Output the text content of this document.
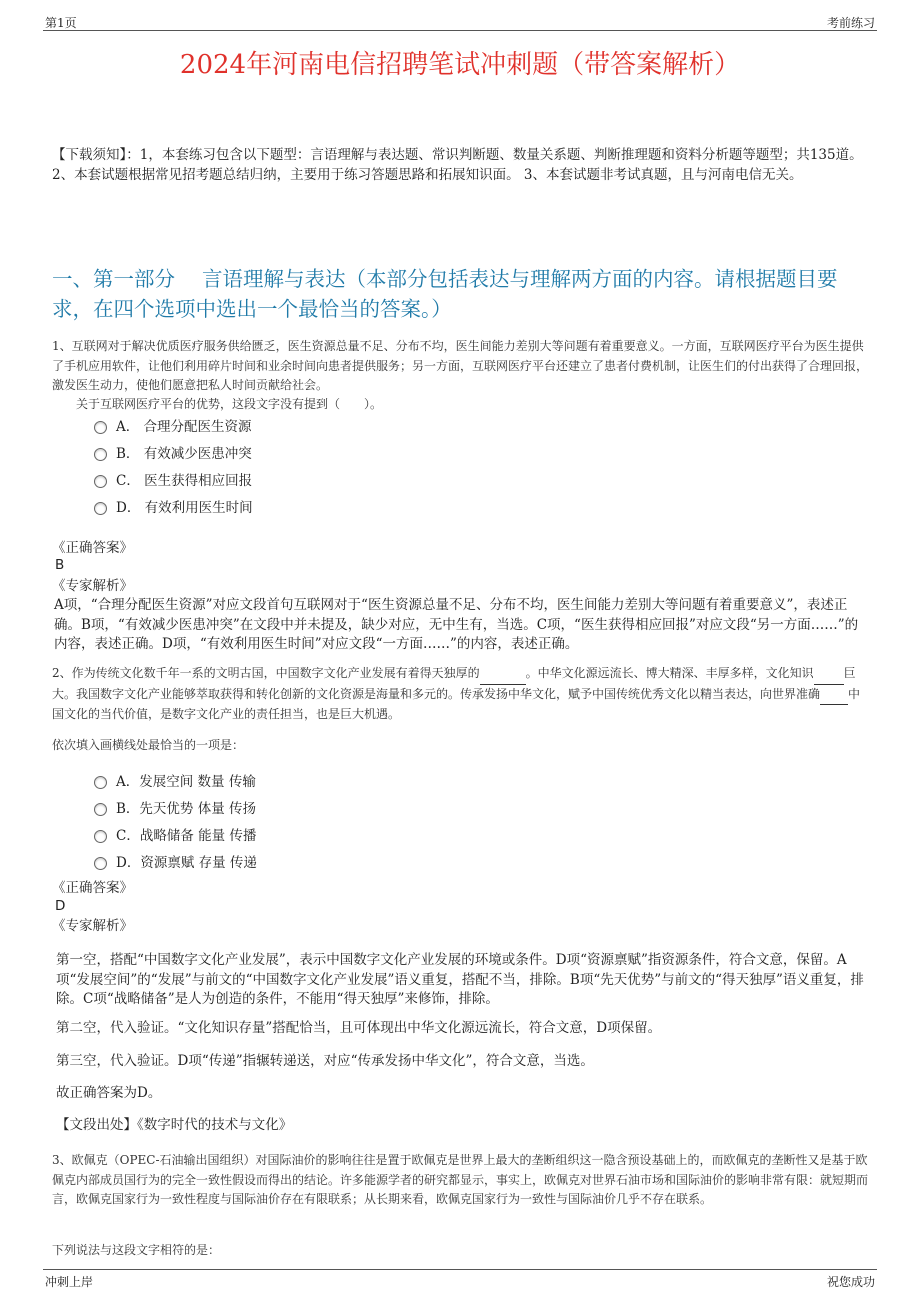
第1页	考前练习
2024年河南电信招聘笔试冲刺题（带答案解析）
【下载须知】：1，本套练习包含以下题型：言语理解与表达题、常识判断题、数量关系题、判断推理题和资料分析题等题型；共135道。 2、本套试题根据常见招考题总结归纳，主要用于练习答题思路和拓展知识面。 3、本套试题非考试真题，且与河南电信无关。
一、第一部分　 言语理解与表达（本部分包括表达与理解两方面的内容。请根据题目要求，在四个选项中选出一个最恰当的答案。）
1、互联网对于解决优质医疗服务供给匮乏，医生资源总量不足、分布不均，医生间能力差别大等问题有着重要意义。一方面，互联网医疗平台为医生提供了手机应用软件，让他们利用碎片时间和业余时间向患者提供服务；另一方面，互联网医疗平台还建立了患者付费机制，让医生们的付出获得了合理回报，激发医生动力，使他们愿意把私人时间贡献给社会。
关于互联网医疗平台的优势，这段文字没有提到（　　）。
A． 合理分配医生资源
B． 有效减少医患冲突
C． 医生获得相应回报
D． 有效利用医生时间
《正确答案》
B
《专家解析》
A项，“合理分配医生资源”对应文段首句互联网对于“医生资源总量不足、分布不均，医生间能力差别大等问题有着重要意义”，表述正确。B项，“有效减少医患冲突”在文段中并未提及，缺少对应，无中生有，当选。C项，“医生获得相应回报”对应文段“另一方面……”的内容，表述正确。D项，“有效利用医生时间”对应文段“一方面……”的内容，表述正确。
2、作为传统文化数千年一系的文明古国，中国数字文化产业发展有着得天独厚的	。中华文化源远流长、博大精深、丰厚多样，文化知识	巨大。我国数字文化产业能够萃取获得和转化创新的文化资源是海量和多元的。传承发扬中华文化，赋予中国传统优秀文化以精当表达，向世界准确 中国文化的当代价值，是数字文化产业的责任担当，也是巨大机遇。
依次填入画横线处最恰当的一项是：
A．发展空间 数量 传输
B．先天优势 体量 传扬
C．战略储备 能量 传播
D．资源禀赋 存量 传递
《正确答案》
D
《专家解析》
第一空，搭配“中国数字文化产业发展”，表示中国数字文化产业发展的环境或条件。D项“资源禀赋”指资源条件，符合文意，保留。A项“发展空间”的“发展”与前文的“中国数字文化产业发展”语义重复，搭配不当，排除。B项“先天优势”与前文的“得天独厚”语义重复，排除。C项“战略储备”是人为创造的条件，不能用“得天独厚”来修饰，排除。
第二空，代入验证。“文化知识存量”搭配恰当，且可体现出中华文化源远流长，符合文意，D项保留。
第三空，代入验证。D项“传递”指辗转递送，对应“传承发扬中华文化”，符合文意，当选。
故正确答案为D。
【文段出处】《数字时代的技术与文化》
3、欧佩克（OPEC-石油输出国组织）对国际油价的影响往往是置于欧佩克是世界上最大的垄断组织这一隐含预设基础上的，而欧佩克的垄断性又是基于欧佩克内部成员国行为的完全一致性假设而得出的结论。许多能源学者的研究都显示，事实上，欧佩克对世界石油市场和国际油价的影响非常有限：就短期而言，欧佩克国家行为一致性程度与国际油价存在有限联系；从长期来看，欧佩克国家行为一致性与国际油价几乎不存在联系。
下列说法与这段文字相符的是：
冲刺上岸	祝您成功
